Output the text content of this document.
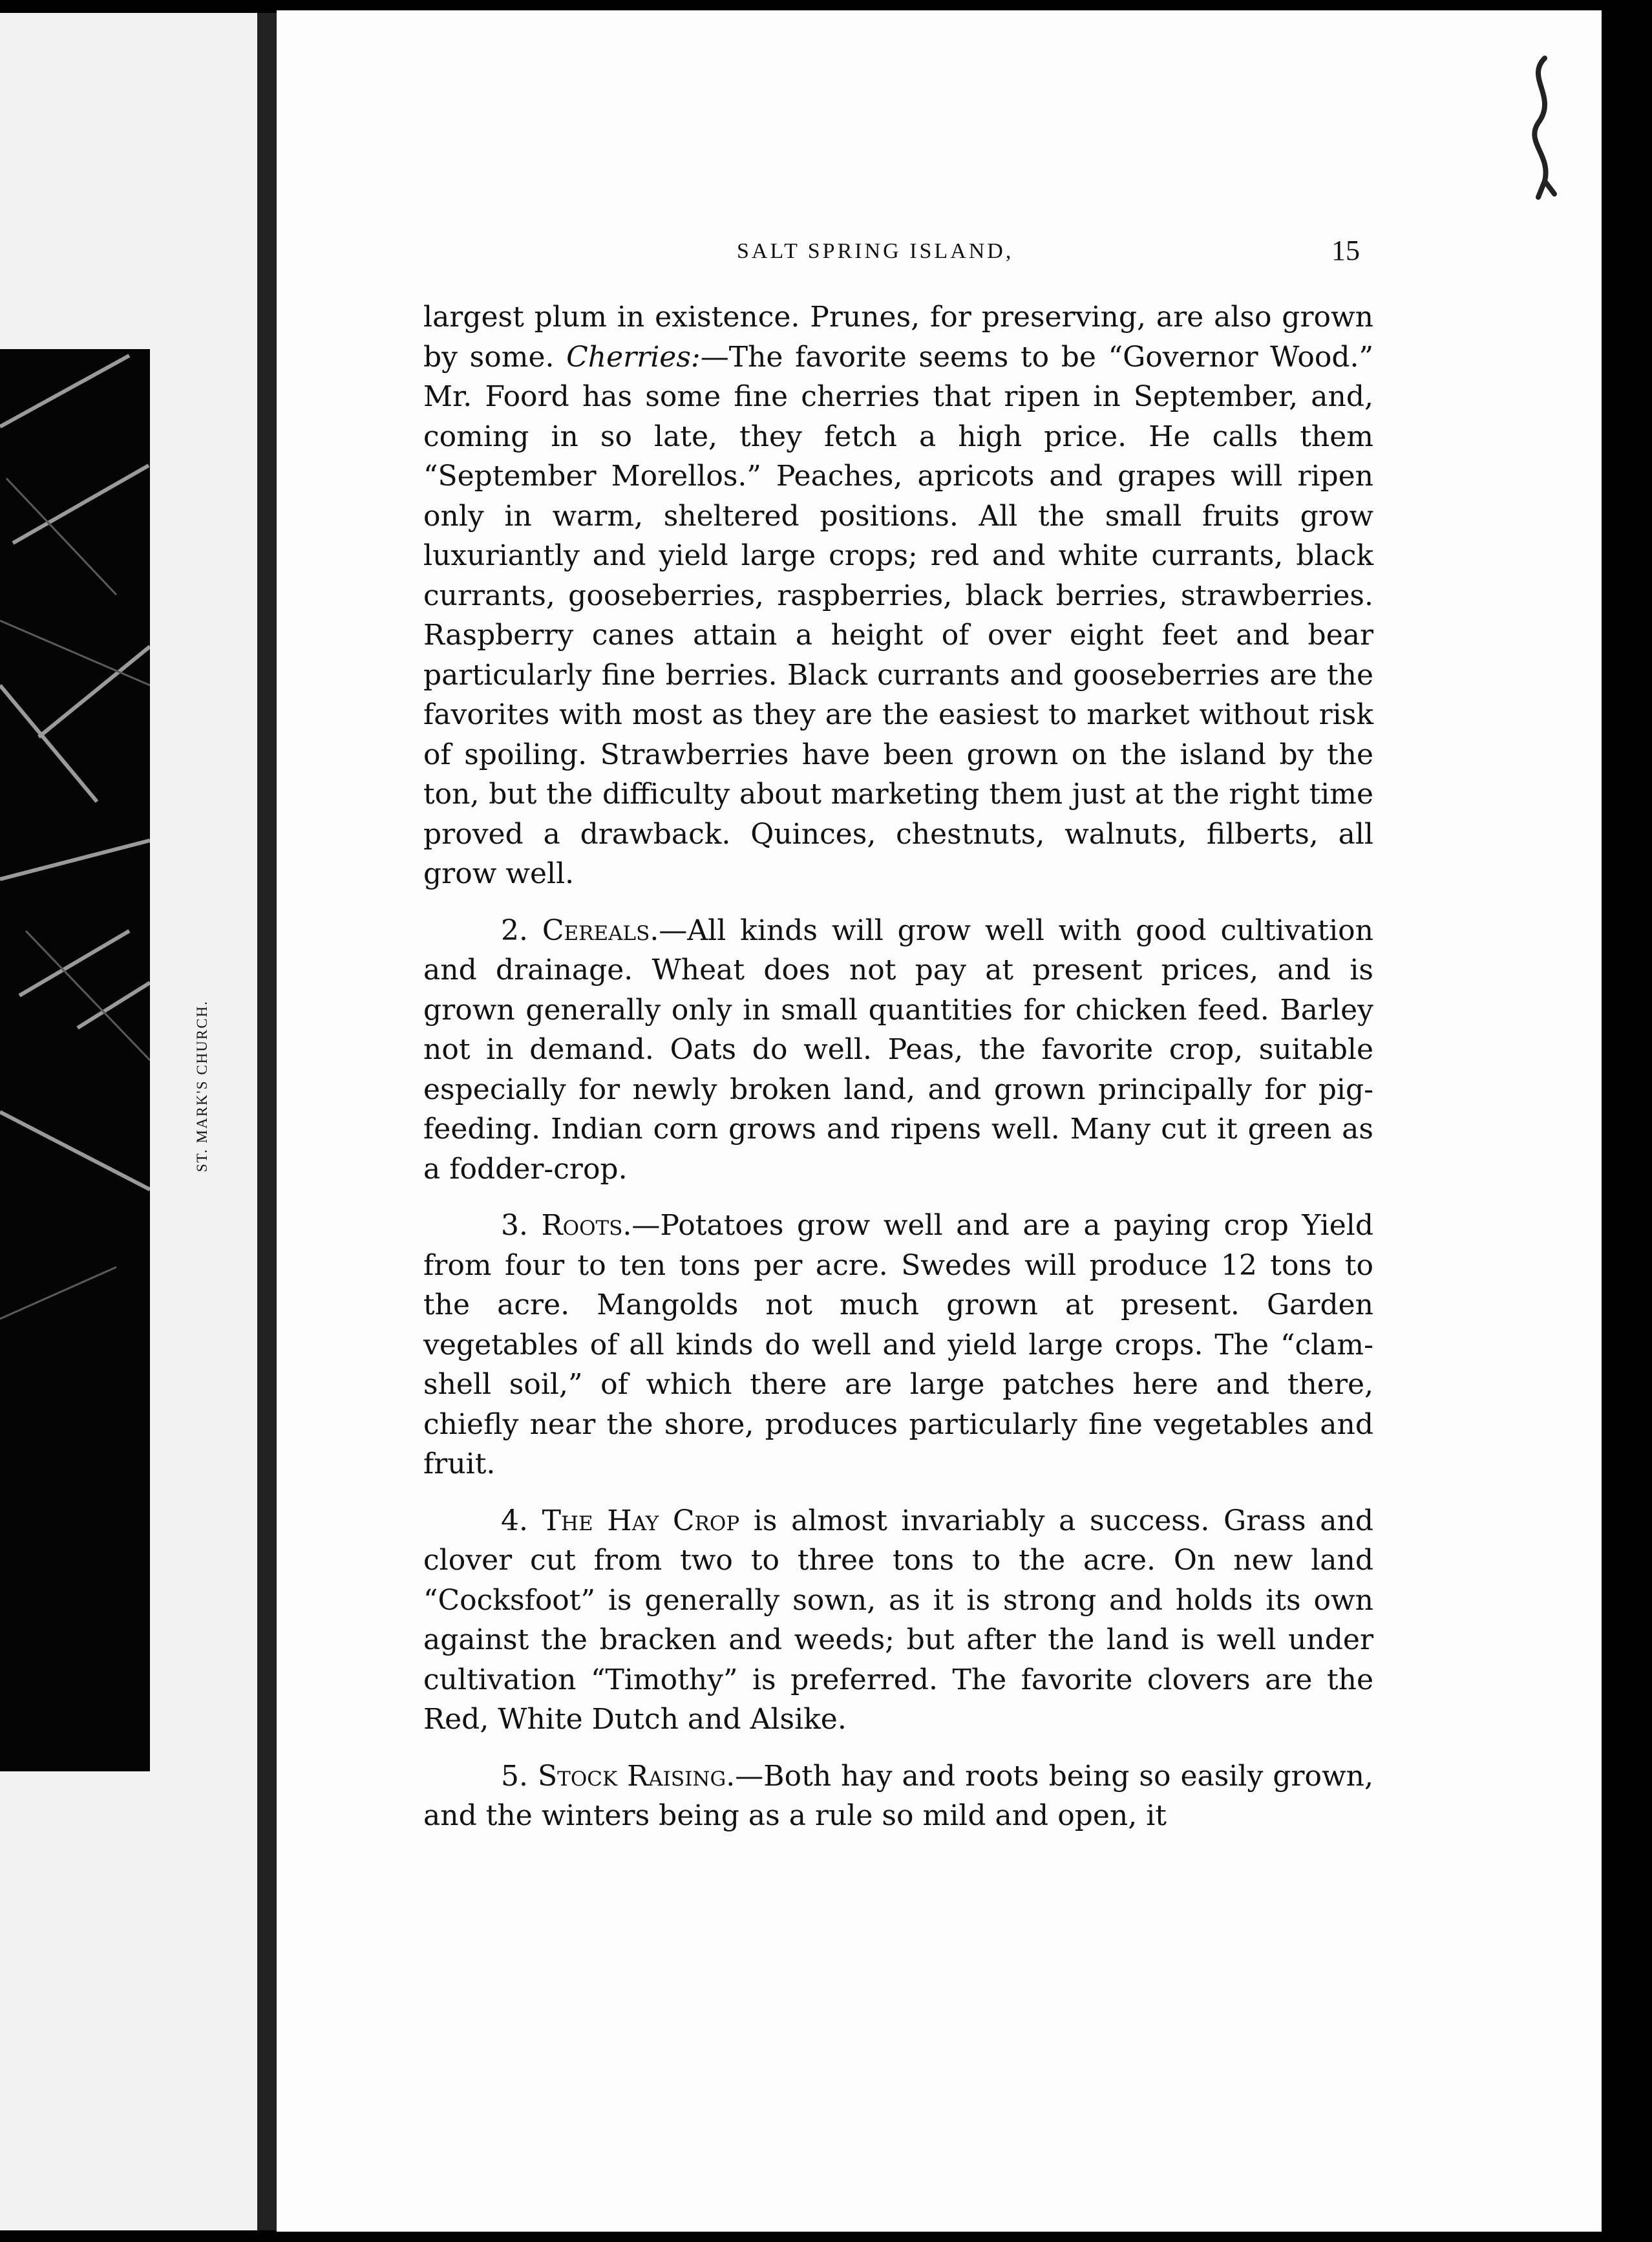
ST. MARK'S CHURCH.
SALT SPRING ISLAND,	15

largest plum in existence. Prunes, for preserving, are also grown by some. Cherries:—The favorite seems to be “Governor Wood.” Mr. Foord has some fine cherries that ripen in September, and, coming in so late, they fetch a high price. He calls them “September Morellos.” Peaches, apricots and grapes will ripen only in warm, sheltered positions. All the small fruits grow luxuriantly and yield large crops; red and white currants, black currants, gooseberries, raspberries, black berries, strawberries. Raspberry canes attain a height of over eight feet and bear particularly fine berries. Black currants and gooseberries are the favorites with most as they are the easiest to market without risk of spoiling. Strawberries have been grown on the island by the ton, but the difficulty about marketing them just at the right time proved a drawback. Quinces, chestnuts, walnuts, filberts, all grow well.

2. Cereals.—All kinds will grow well with good cultivation and drainage. Wheat does not pay at present prices, and is grown generally only in small quantities for chicken feed. Barley not in demand. Oats do well. Peas, the favorite crop, suitable especially for newly broken land, and grown principally for pig-feeding. Indian corn grows and ripens well. Many cut it green as a fodder-crop.

3. Roots.—Potatoes grow well and are a paying crop Yield from four to ten tons per acre. Swedes will produce 12 tons to the acre. Mangolds not much grown at present. Garden vegetables of all kinds do well and yield large crops. The “clam-shell soil,” of which there are large patches here and there, chiefly near the shore, produces particularly fine vegetables and fruit.

4. The Hay Crop is almost invariably a success. Grass and clover cut from two to three tons to the acre. On new land “Cocksfoot” is generally sown, as it is strong and holds its own against the bracken and weeds; but after the land is well under cultivation “Timothy” is preferred. The favorite clovers are the Red, White Dutch and Alsike.

5. Stock Raising.—Both hay and roots being so easily grown, and the winters being as a rule so mild and open, it
